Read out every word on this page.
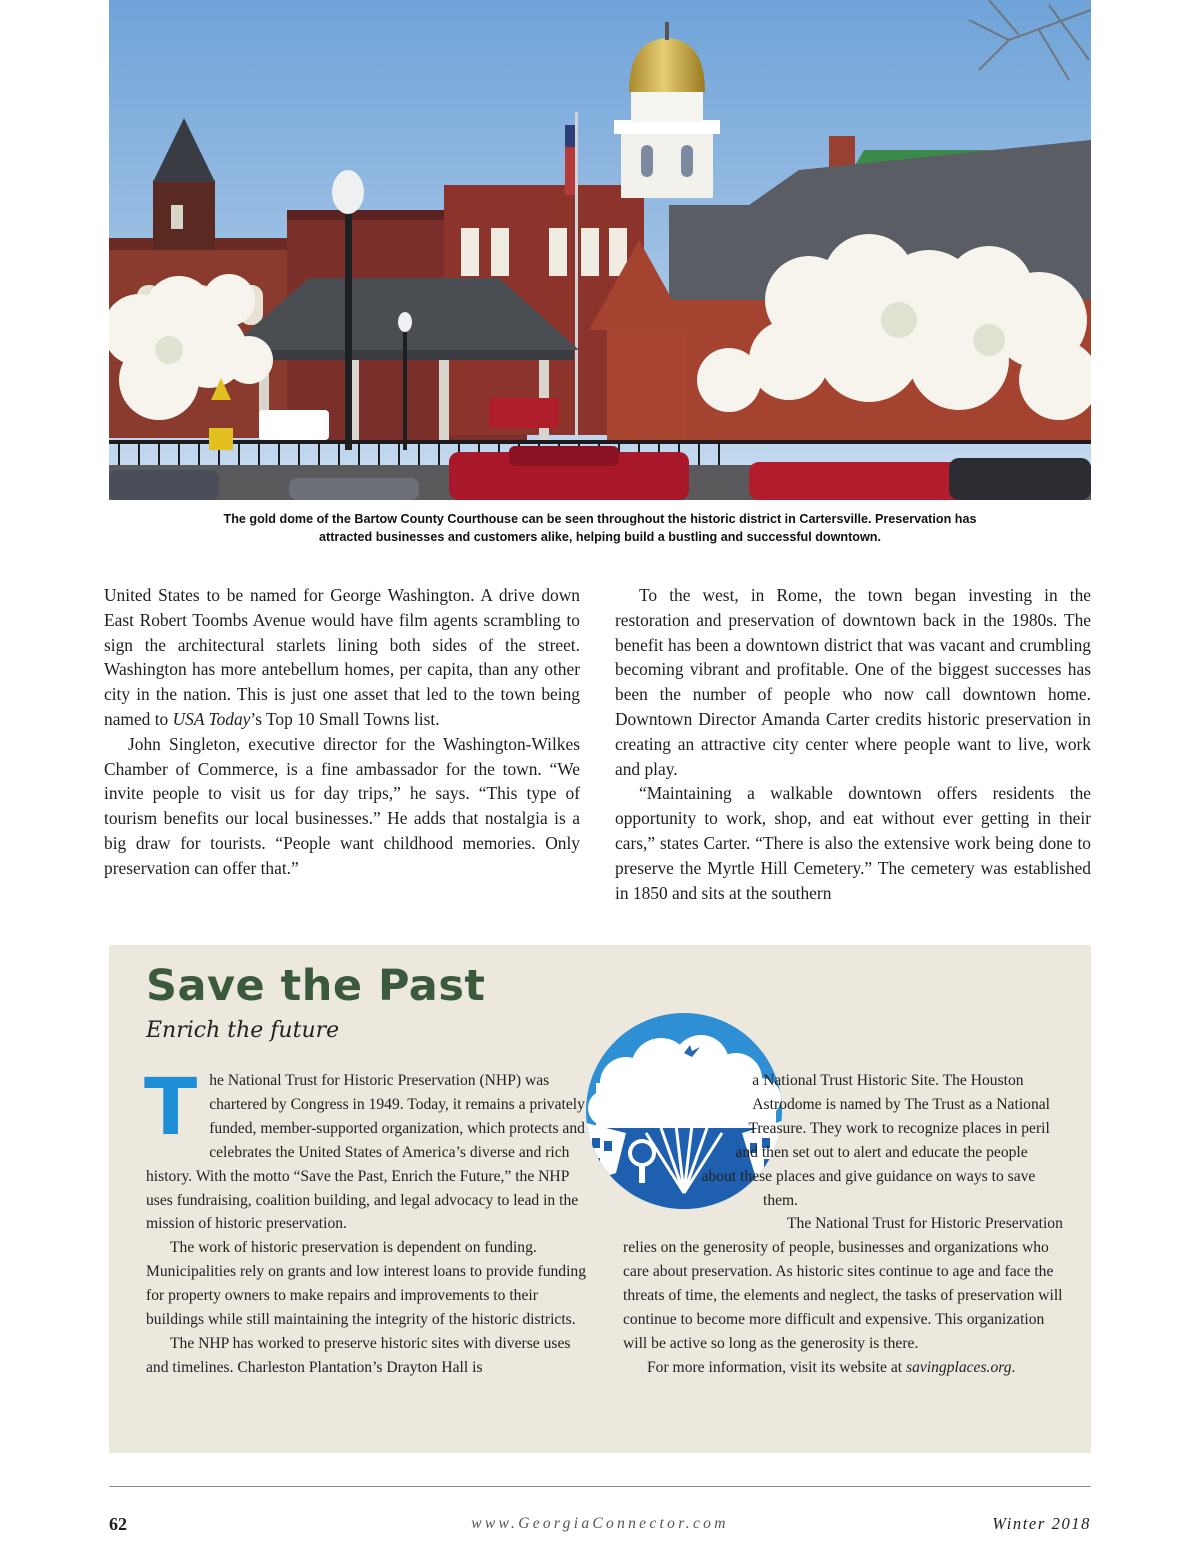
The gold dome of the Bartow County Courthouse can be seen throughout the historic district in Cartersville. Preservation has
attracted businesses and customers alike, helping build a bustling and successful downtown.

United States to be named for George Washington. A drive down East Robert Toombs Avenue would have film agents scrambling to sign the architectural starlets lining both sides of the street. Washington has more antebellum homes, per capita, than any other city in the nation. This is just one asset that led to the town being named to USA Today’s Top 10 Small Towns list.

John Singleton, executive director for the Washington-Wilkes Chamber of Commerce, is a fine ambassador for the town. “We invite people to visit us for day trips,” he says. “This type of tourism benefits our local businesses.” He adds that nostalgia is a big draw for tourists. “People want childhood memories. Only preservation can offer that.”

To the west, in Rome, the town began investing in the restoration and preservation of downtown back in the 1980s. The benefit has been a downtown district that was vacant and crumbling becoming vibrant and profitable. One of the biggest successes has been the number of people who now call downtown home. Downtown Director Amanda Carter credits historic preservation in creating an attractive city center where people want to live, work and play.

“Maintaining a walkable downtown offers residents the opportunity to work, shop, and eat without ever getting in their cars,” states Carter. “There is also the extensive work being done to preserve the Myrtle Hill Cemetery.” The cemetery was established in 1850 and sits at the southern

Save the Past
Enrich the future

The National Trust for Historic Preservation (NHP) was chartered by Congress in 1949. Today, it remains a privately funded, member-supported organization, which protects and celebrates the United States of America’s diverse and rich history. With the motto “Save the Past, Enrich the Future,” the NHP uses fundraising, coalition building, and legal advocacy to lead in the mission of historic preservation.

The work of historic preservation is dependent on funding. Municipalities rely on grants and low interest loans to provide funding for property owners to make repairs and improvements to their buildings while still maintaining the integrity of the historic districts.

The NHP has worked to preserve historic sites with diverse uses and timelines. Charleston Plantation’s Drayton Hall is

a National Trust Historic Site. The Houston Astrodome is named by The Trust as a National Treasure. They work to recognize places in peril and then set out to alert and educate the people about these places and give guidance on ways to save them.

The National Trust for Historic Preservation relies on the generosity of people, businesses and organizations who care about preservation. As historic sites continue to age and face the threats of time, the elements and neglect, the tasks of preservation will continue to become more difficult and expensive. This organization will be active so long as the generosity is there.

For more information, visit its website at savingplaces.org.

62	www.GeorgiaConnector.com	Winter 2018
